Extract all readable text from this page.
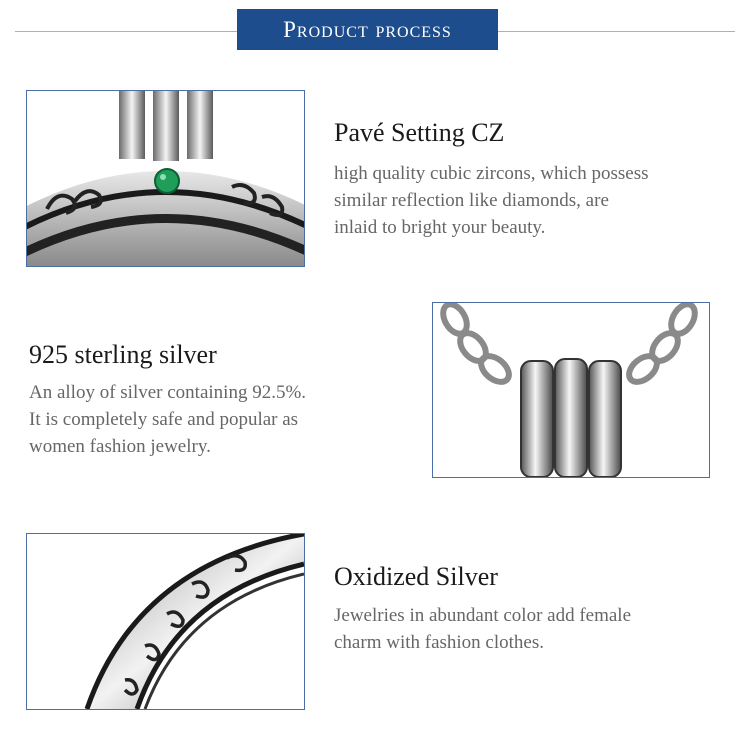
Product process
Pavé Setting CZ
high quality cubic zircons, which possess
similar reflection like diamonds, are
inlaid to bright your beauty.
925 sterling silver
An alloy of silver containing 92.5%.
It is completely safe and popular as
women fashion jewelry.
Oxidized Silver
Jewelries in abundant color add female
charm with fashion clothes.
